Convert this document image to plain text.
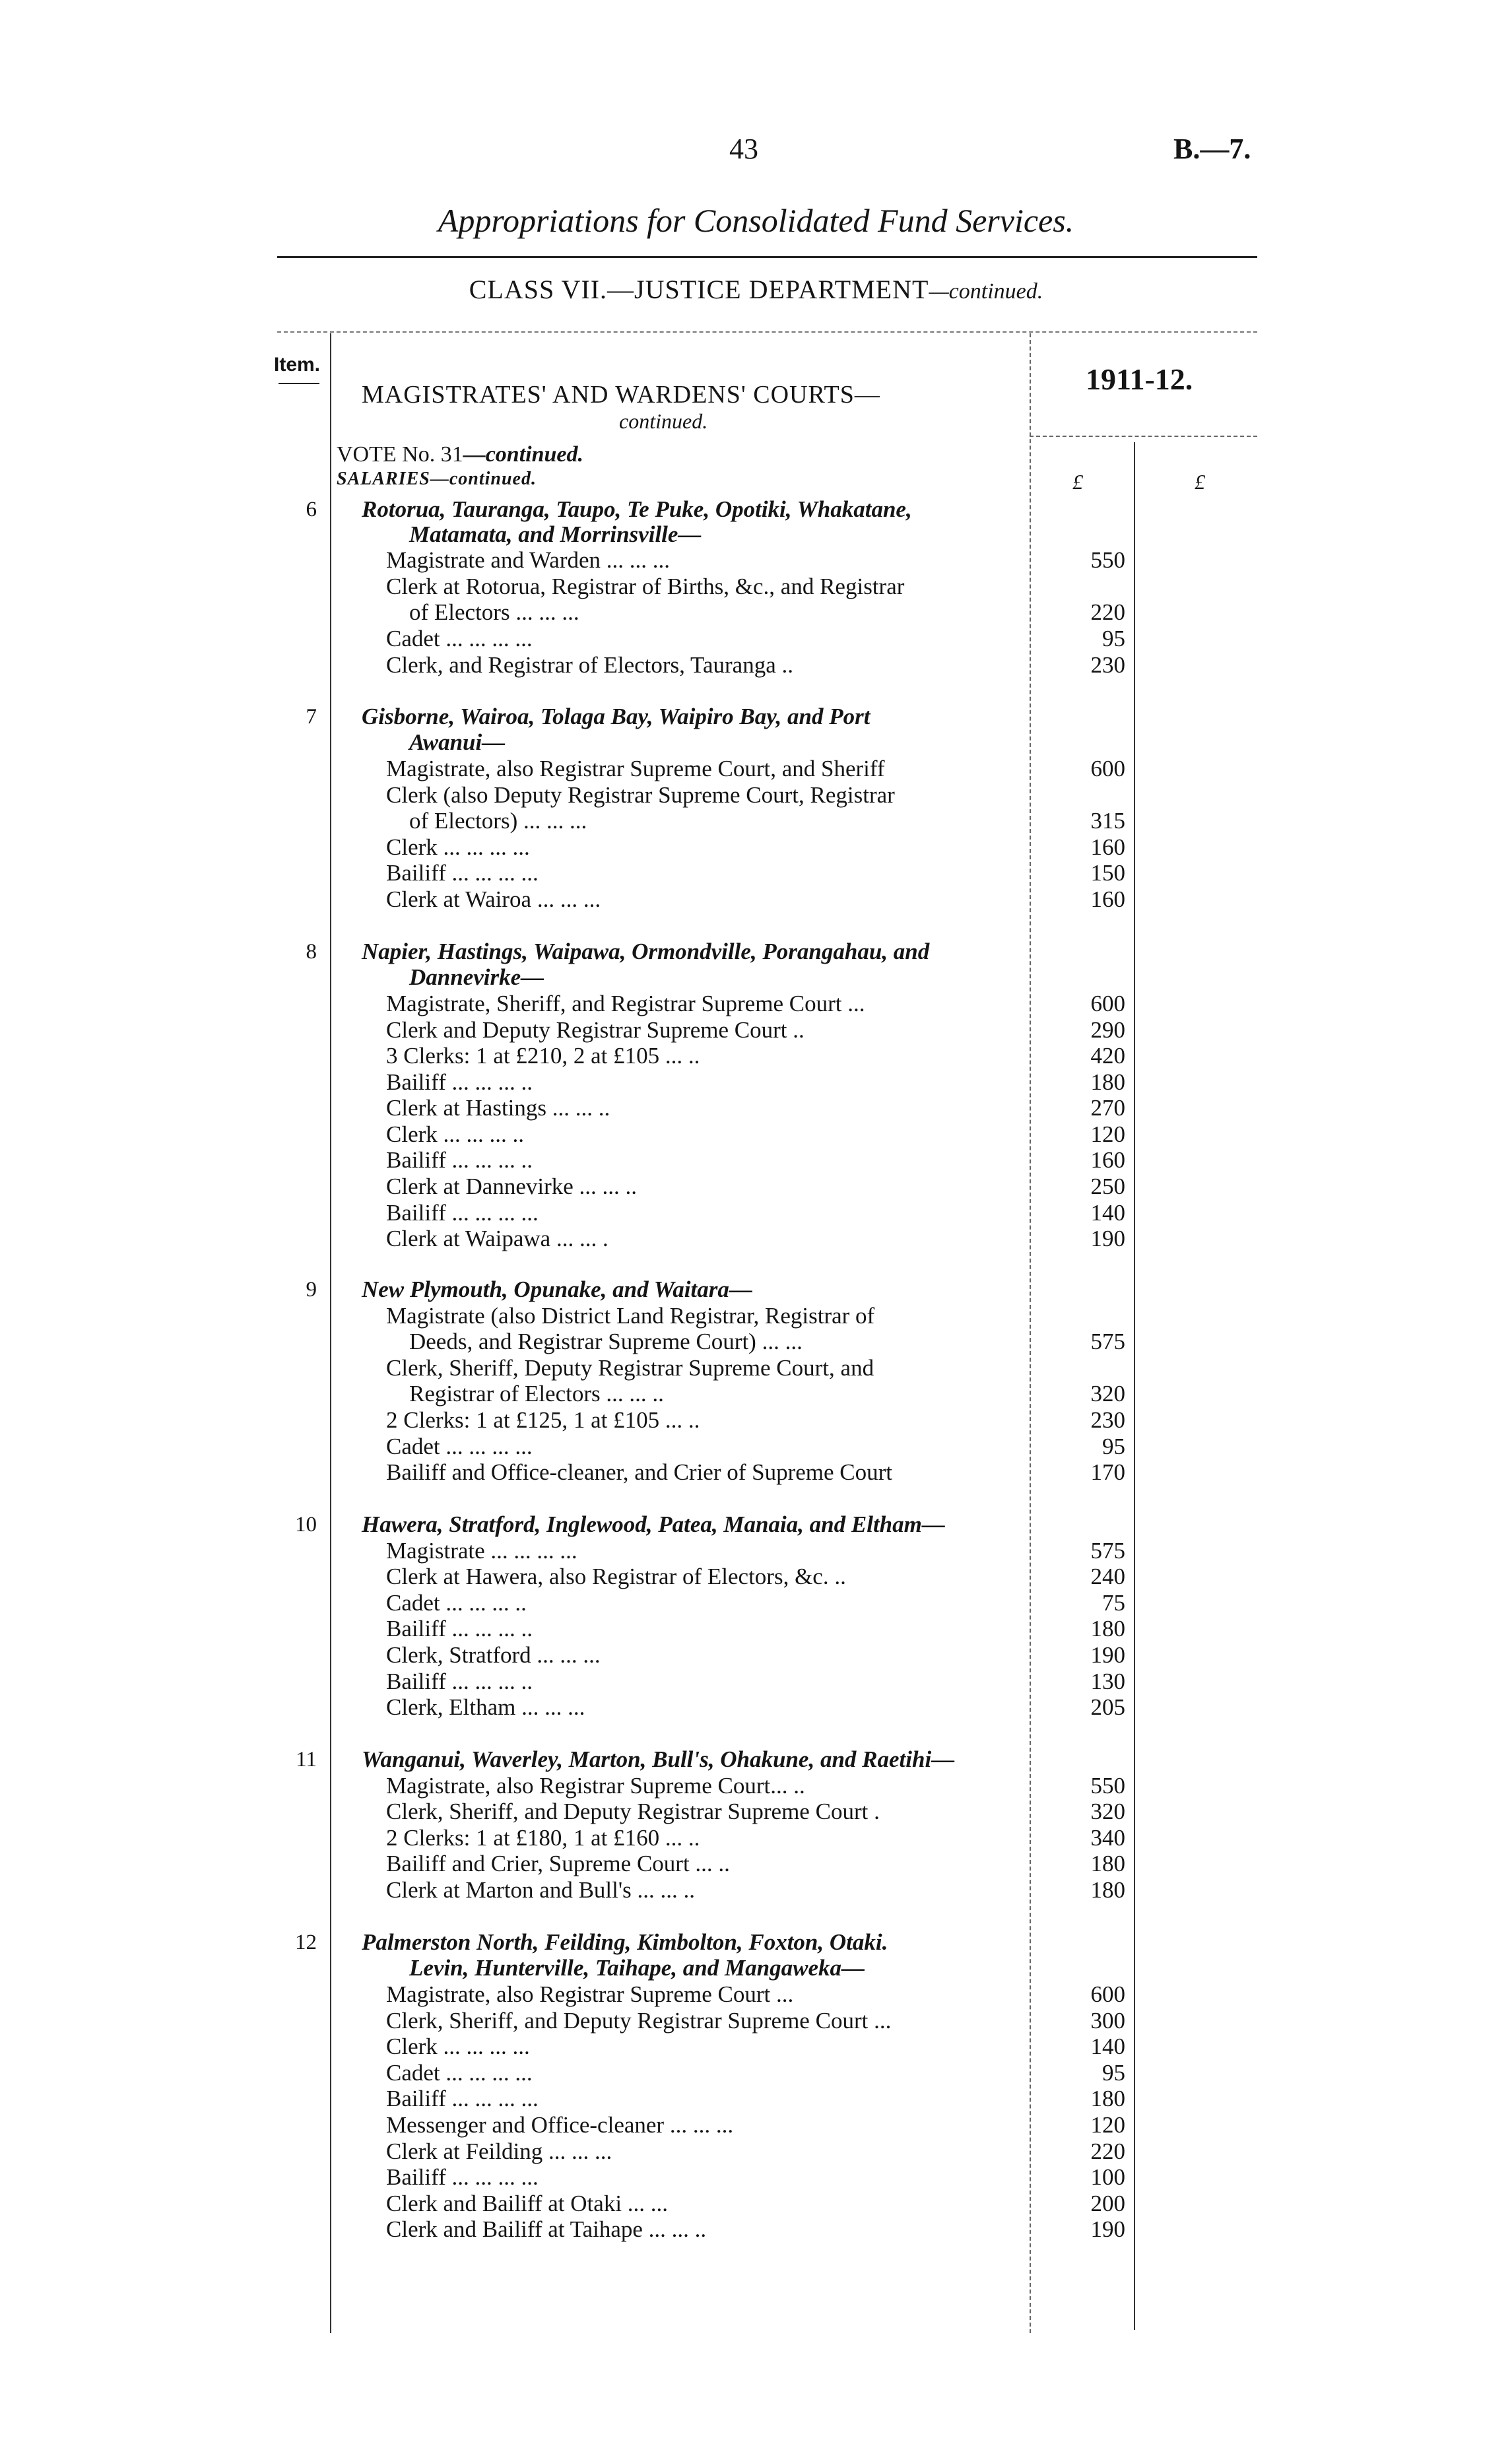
43	B.—7.
Appropriations for Consolidated Fund Services.
CLASS VII.—JUSTICE DEPARTMENT—continued.
Item.
MAGISTRATES' AND WARDENS' COURTS—
continued.
1911-12.
VOTE No. 31—continued.
SALARIES—continued.	£	£
6 Rotorua, Tauranga, Taupo, Te Puke, Opotiki, Whakatane,
Matamata, and Morrinsville—
Magistrate and Warden ... ... ...	550
Clerk at Rotorua, Registrar of Births, &c., and Registrar
of Electors ... ... ...	220
Cadet ... ... ... ...	95
Clerk, and Registrar of Electors, Tauranga ..	230
7 Gisborne, Wairoa, Tolaga Bay, Waipiro Bay, and Port
Awanui—
Magistrate, also Registrar Supreme Court, and Sheriff	600
Clerk (also Deputy Registrar Supreme Court, Registrar
of Electors) ... ... ...	315
Clerk ... ... ... ...	160
Bailiff ... ... ... ...	150
Clerk at Wairoa ... ... ...	160
8 Napier, Hastings, Waipawa, Ormondville, Porangahau, and
Dannevirke—
Magistrate, Sheriff, and Registrar Supreme Court ...	600
Clerk and Deputy Registrar Supreme Court ..	290
3 Clerks: 1 at £210, 2 at £105 ... ..	420
Bailiff ... ... ... ..	180
Clerk at Hastings ... ... ..	270
Clerk ... ... ... ..	120
Bailiff ... ... ... ..	160
Clerk at Dannevirke ... ... ..	250
Bailiff ... ... ... ...	140
Clerk at Waipawa ... ... .	190
9 New Plymouth, Opunake, and Waitara—
Magistrate (also District Land Registrar, Registrar of
Deeds, and Registrar Supreme Court) ... ...	575
Clerk, Sheriff, Deputy Registrar Supreme Court, and
Registrar of Electors ... ... ..	320
2 Clerks: 1 at £125, 1 at £105 ... ..	230
Cadet ... ... ... ...	95
Bailiff and Office-cleaner, and Crier of Supreme Court	170
10 Hawera, Stratford, Inglewood, Patea, Manaia, and Eltham—
Magistrate ... ... ... ...	575
Clerk at Hawera, also Registrar of Electors, &c. ..	240
Cadet ... ... ... ..	75
Bailiff ... ... ... ..	180
Clerk, Stratford ... ... ...	190
Bailiff ... ... ... ..	130
Clerk, Eltham ... ... ...	205
11 Wanganui, Waverley, Marton, Bull's, Ohakune, and Raetihi—
Magistrate, also Registrar Supreme Court... ..	550
Clerk, Sheriff, and Deputy Registrar Supreme Court .	320
2 Clerks: 1 at £180, 1 at £160 ... ..	340
Bailiff and Crier, Supreme Court ... ..	180
Clerk at Marton and Bull's ... ... ..	180
12 Palmerston North, Feilding, Kimbolton, Foxton, Otaki.
Levin, Hunterville, Taihape, and Mangaweka—
Magistrate, also Registrar Supreme Court ...	600
Clerk, Sheriff, and Deputy Registrar Supreme Court ...	300
Clerk ... ... ... ...	140
Cadet ... ... ... ...	95
Bailiff ... ... ... ...	180
Messenger and Office-cleaner ... ... ...	120
Clerk at Feilding ... ... ...	220
Bailiff ... ... ... ...	100
Clerk and Bailiff at Otaki ... ...	200
Clerk and Bailiff at Taihape ... ... ..	190
